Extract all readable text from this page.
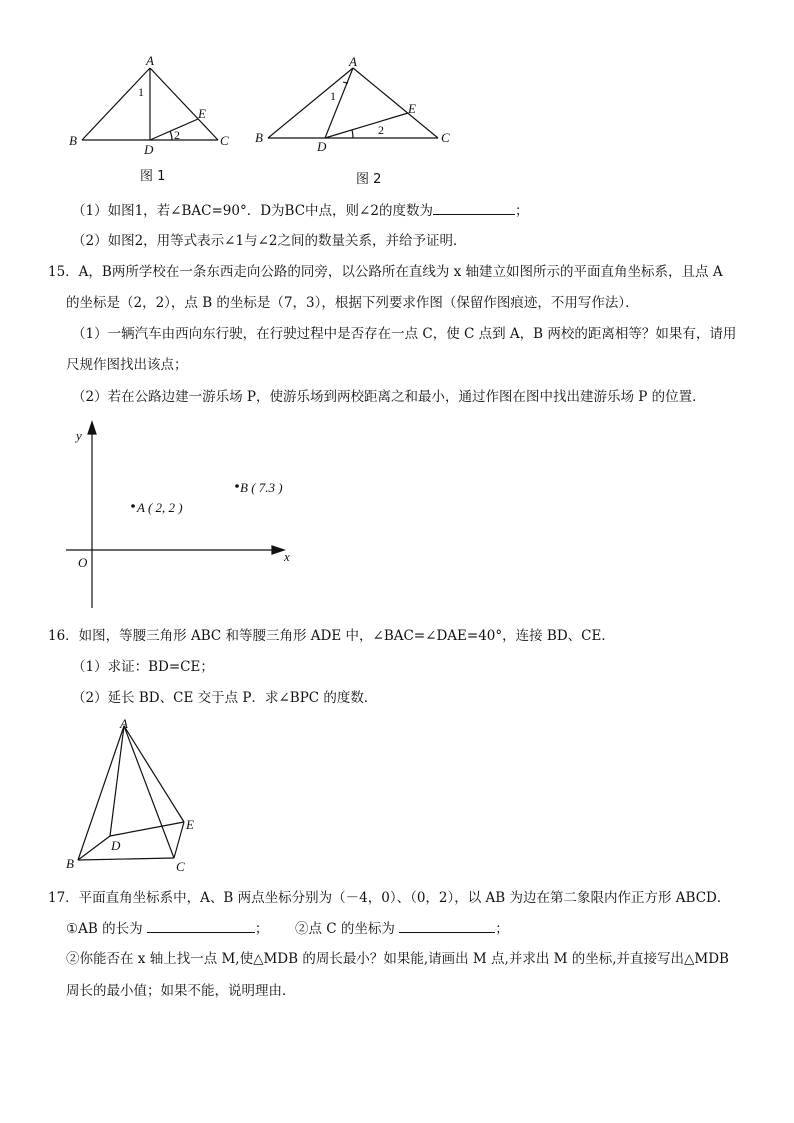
A
B	C
D
E
1
2
图 1
A
B	C
D
E
1
2
图 2
（1）如图1，若∠BAC=90°．D为BC中点，则∠2的度数为	；
（2）如图2，用等式表示∠1与∠2之间的数量关系，并给予证明．
15．A，B两所学校在一条东西走向公路的同旁，以公路所在直线为 x 轴建立如图所示的平面直角坐标系，且点 A
的坐标是（2，2），点 B 的坐标是（7，3），根据下列要求作图（保留作图痕迹，不用写作法）．
（1）一辆汽车由西向东行驶，在行驶过程中是否存在一点 C，使 C 点到 A，B 两校的距离相等？如果有，请用
尺规作图找出该点；
（2）若在公路边建一游乐场 P，使游乐场到两校距离之和最小，通过作图在图中找出建游乐场 P 的位置．
y
x
O
A ( 2, 2 )
B ( 7.3 )
16．如图，等腰三角形 ABC 和等腰三角形 ADE 中，∠BAC=∠DAE=40°，连接 BD、CE．
（1）求证：BD=CE；
（2）延长 BD、CE 交于点 P．求∠BPC 的度数．
A
B	C
D
E
17．平面直角坐标系中，A、B 两点坐标分别为（－4，0）、（0，2），以 AB 为边在第二象限内作正方形 ABCD．
①AB 的长为	； ②点 C 的坐标为	；
②你能否在 x 轴上找一点 M,使△MDB 的周长最小？如果能,请画出 M 点,并求出 M 的坐标,并直接写出△MDB
周长的最小值；如果不能，说明理由．
